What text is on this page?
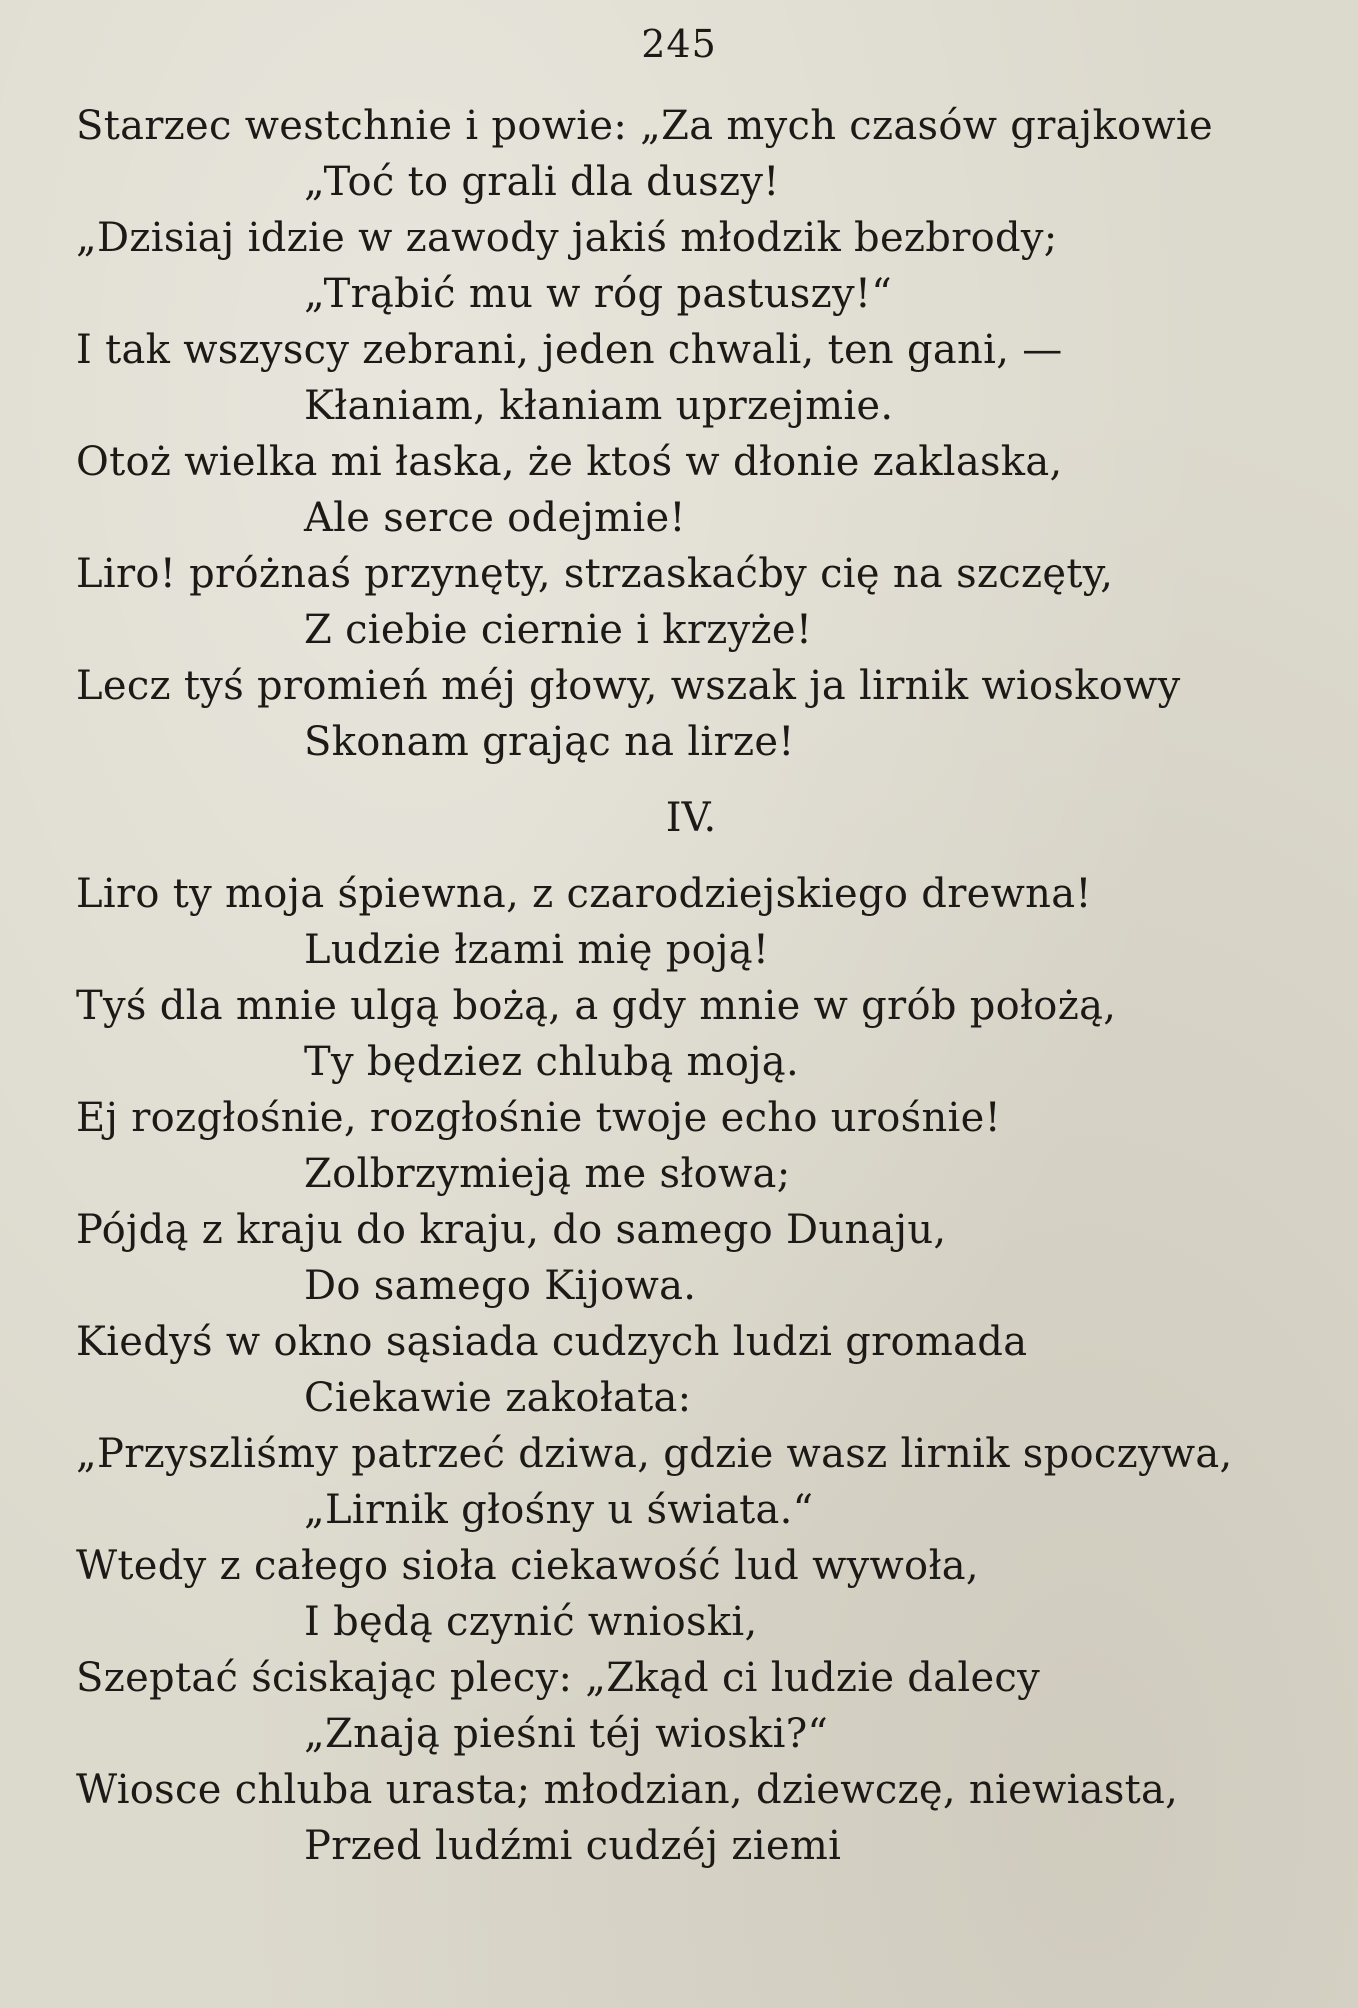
245
Starzec westchnie i powie: „Za mych czasów grajkowie
„Toć to grali dla duszy!
„Dzisiaj idzie w zawody jakiś młodzik bezbrody;
„Trąbić mu w róg pastuszy!“
I tak wszyscy zebrani, jeden chwali, ten gani, —
Kłaniam, kłaniam uprzejmie.
Otoż wielka mi łaska, że ktoś w dłonie zaklaska,
Ale serce odejmie!
Liro! próżnaś przynęty, strzaskaćby cię na szczęty,
Z ciebie ciernie i krzyże!
Lecz tyś promień méj głowy, wszak ja lirnik wioskowy
Skonam grając na lirze!
IV.
Liro ty moja śpiewna, z czarodziejskiego drewna!
Ludzie łzami mię poją!
Tyś dla mnie ulgą bożą, a gdy mnie w grób położą,
Ty będziez chlubą moją.
Ej rozgłośnie, rozgłośnie twoje echo urośnie!
Zolbrzymieją me słowa;
Pójdą z kraju do kraju, do samego Dunaju,
Do samego Kijowa.
Kiedyś w okno sąsiada cudzych ludzi gromada
Ciekawie zakołata:
„Przyszliśmy patrzeć dziwa, gdzie wasz lirnik spoczywa,
„Lirnik głośny u świata.“
Wtedy z całego sioła ciekawość lud wywoła,
I będą czynić wnioski,
Szeptać ściskając plecy: „Zkąd ci ludzie dalecy
„Znają pieśni téj wioski?“
Wiosce chluba urasta; młodzian, dziewczę, niewiasta,
Przed ludźmi cudzéj ziemi
